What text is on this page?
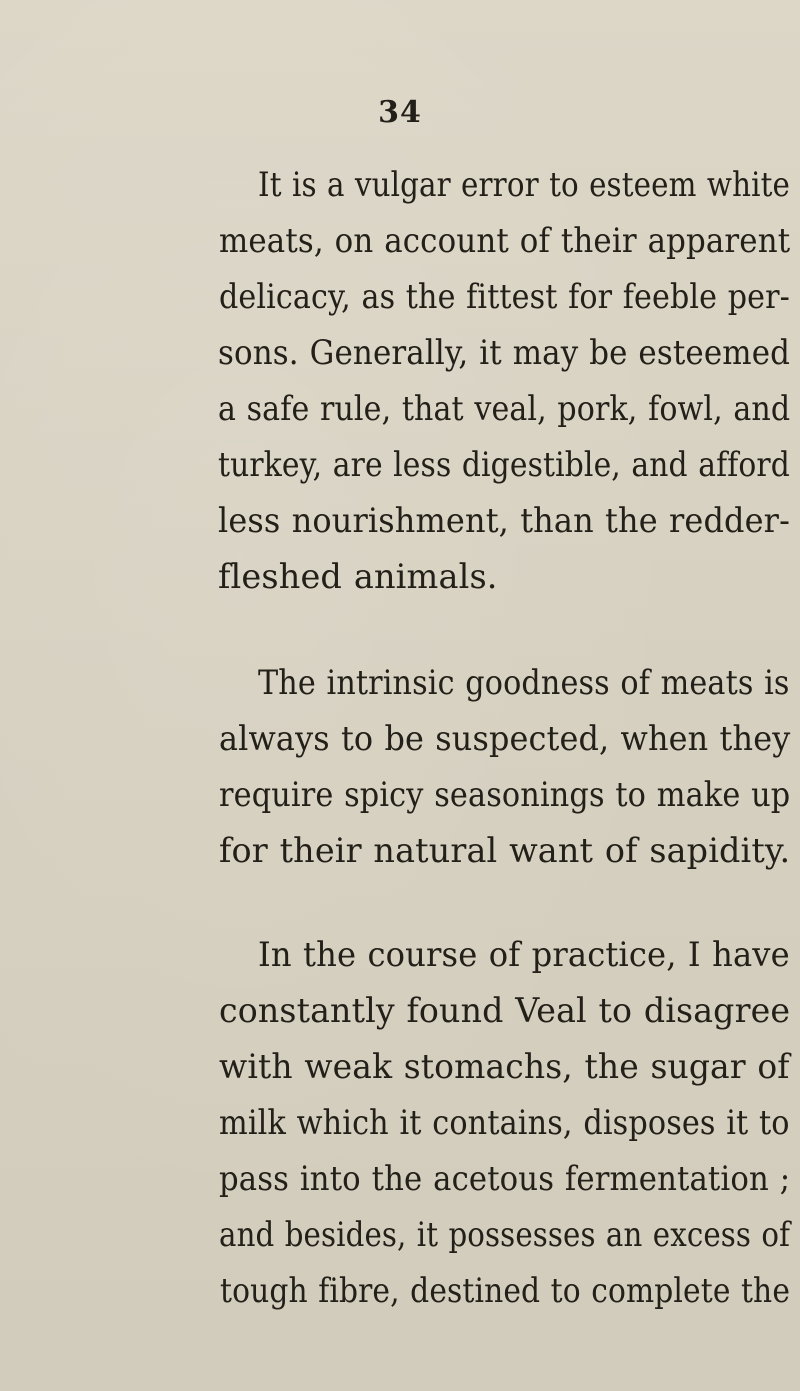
34
It is a vulgar error to esteem white
meats, on account of their apparent
delicacy, as the fittest for feeble per-
sons. Generally, it may be esteemed
a safe rule, that veal, pork, fowl, and
turkey, are less digestible, and afford
less nourishment, than the redder-
fleshed animals.
The intrinsic goodness of meats is
always to be suspected, when they
require spicy seasonings to make up
for their natural want of sapidity.
In the course of practice, I have
constantly found Veal to disagree
with weak stomachs, the sugar of
milk which it contains, disposes it to
pass into the acetous fermentation ;
and besides, it possesses an excess of
tough fibre, destined to complete the
